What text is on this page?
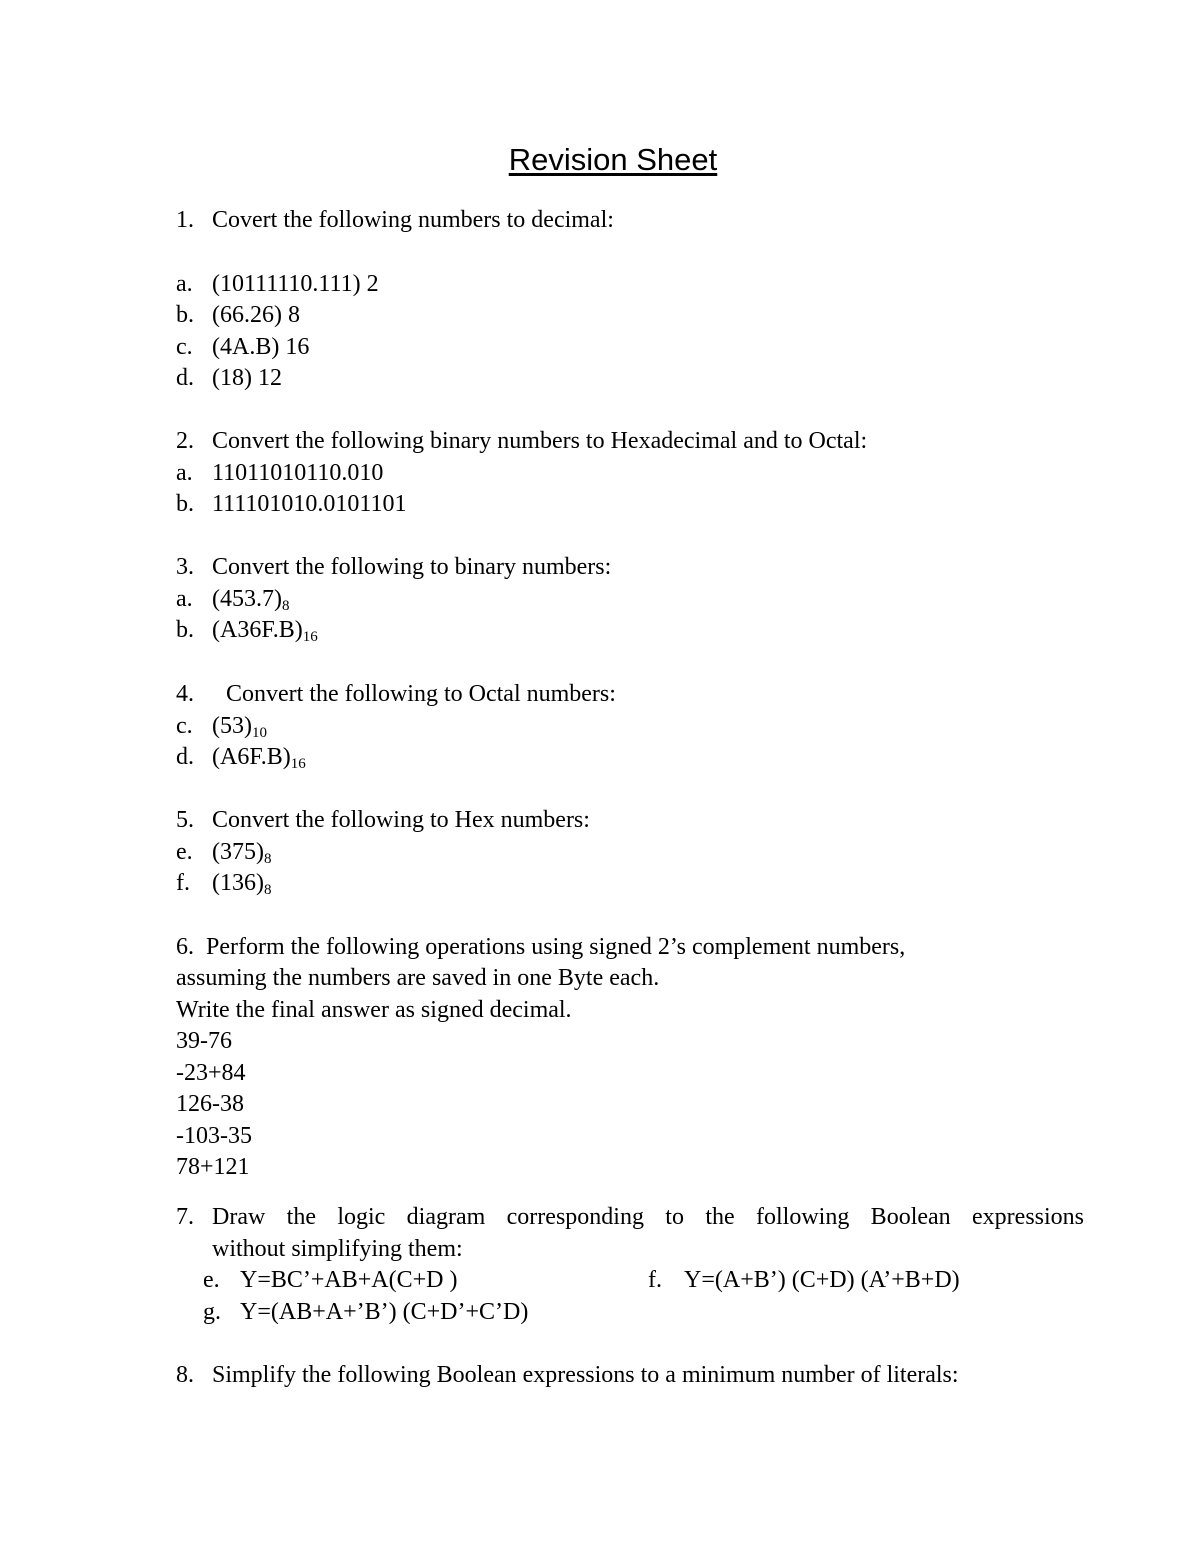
Revision Sheet
1. Covert the following numbers to decimal:
a. (10111110.111) 2
b. (66.26) 8
c. (4A.B) 16
d. (18) 12
2. Convert the following binary numbers to Hexadecimal and to Octal:
a. 11011010110.010
b. 111101010.0101101
3. Convert the following to binary numbers:
a. $(453.7)_8$
b. $(A36F.B)_{16}$
4. Convert the following to Octal numbers:
c. $(53)_{10}$
d. $(A6F.B)_{16}$
5. Convert the following to Hex numbers:
e. $(375)_8$
f. $(136)_8$
6.  Perform the following operations using signed 2’s complement numbers,
assuming the numbers are saved in one Byte each.
Write the final answer as signed decimal.
39-76
-23+84
126-38
-103-35
78+121
7. Draw the logic diagram corresponding to the following Boolean expressions
without simplifying them:
e. Y=BC’+AB+A(C+D )	f. Y=(A+B’) (C+D) (A’+B+D)
g. Y=(AB+A+’B’) (C+D’+C’D)
8. Simplify the following Boolean expressions to a minimum number of literals:
